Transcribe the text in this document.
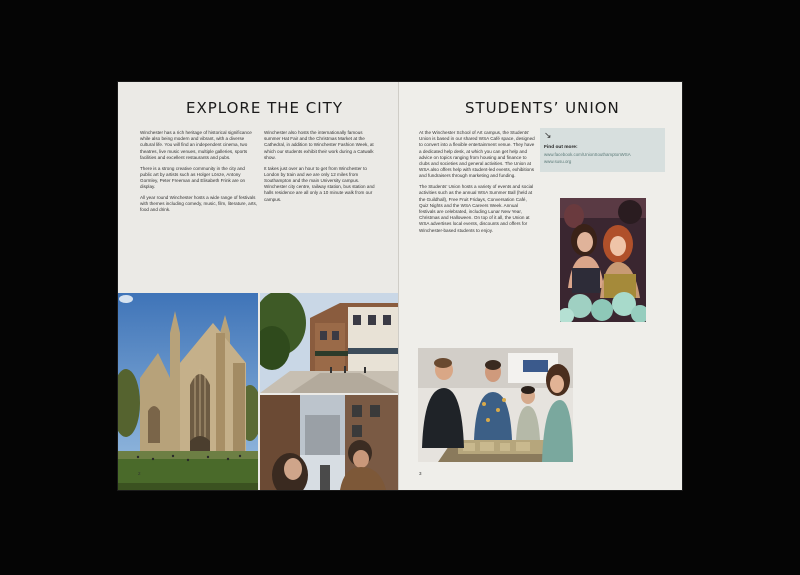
EXPLORE THE CITY

Winchester has a rich heritage of historical significance while also being modern and vibrant, with a diverse cultural life. You will find an independent cinema, two theatres, live music venues, multiple galleries, sports facilities and excellent restaurants and pubs.

There is a strong creative community in the city and public art by artists such as Holger Lönze, Antony Gormley, Peter Freeman and Elisabeth Frink are on display.

All year round Winchester hosts a wide range of festivals with themes including comedy, music, film, literature, arts, food and drink.

Winchester also hosts the internationally famous summer Hat Fair and the Christmas Market at the Cathedral, in addition to Winchester Fashion Week, at which our students exhibit their work during a Catwalk show.

It takes just over an hour to get from Winchester to London by train and we are only 12 miles from Southampton and the main University campus. Winchester city centre, railway station, bus station and halls residence are all only a 10 minute walk from our campus.

2
STUDENTS’ UNION

At the Winchester School of Art campus, the Students’ Union is based in our shared WSA Café space, designed to convert into a flexible entertainment venue. They have a dedicated help desk, at which you can get help and advice on topics ranging from housing and finance to clubs and societies and general activities. The Union at WSA also offers help with student-led events, exhibitions and fundraisers through marketing and funding.

The Students’ Union hosts a variety of events and social activities such as the annual WSA Summer Ball (held at the Guildhall), Free Fruit Fridays, Conversation Café, Quiz Nights and the WSA Careers Week. Annual festivals are celebrated, including Lunar New Year, Christmas and Halloween. On top of it all, the Union at WSA advertises local events, discounts and offers for Winchester-based students to enjoy.

↘
Find out more:
www.facebook.com/UnionSouthamptonWSA
www.susu.org
3
